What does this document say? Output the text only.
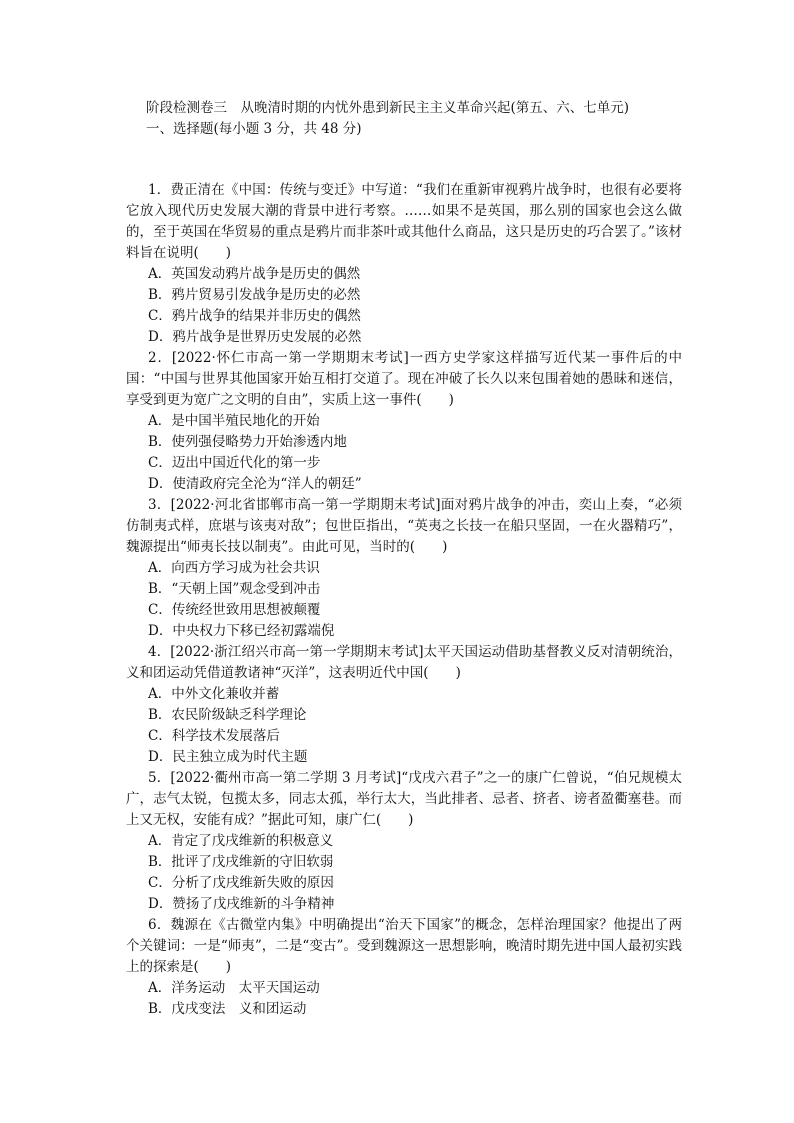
阶段检测卷三　从晚清时期的内忧外患到新民主主义革命兴起(第五、六、七单元)
一、选择题(每小题 3 分，共 48 分)

1．费正清在《中国：传统与变迁》中写道：“我们在重新审视鸦片战争时，也很有必要将它放入现代历史发展大潮的背景中进行考察。……如果不是英国，那么别的国家也会这么做的，至于英国在华贸易的重点是鸦片而非茶叶或其他什么商品，这只是历史的巧合罢了。”该材料旨在说明(　　)

A．英国发动鸦片战争是历史的偶然

B．鸦片贸易引发战争是历史的必然

C．鸦片战争的结果并非历史的偶然

D．鸦片战争是世界历史发展的必然

2．[2022·怀仁市高一第一学期期末考试]一西方史学家这样描写近代某一事件后的中国：“中国与世界其他国家开始互相打交道了。现在冲破了长久以来包围着她的愚昧和迷信，享受到更为宽广之文明的自由”，实质上这一事件(　　)

A．是中国半殖民地化的开始

B．使列强侵略势力开始渗透内地

C．迈出中国近代化的第一步

D．使清政府完全沦为“洋人的朝廷”

3．[2022·河北省邯郸市高一第一学期期末考试]面对鸦片战争的冲击，奕山上奏，“必须仿制夷式样，庶堪与该夷对敌”；包世臣指出，“英夷之长技一在船只坚固，一在火器精巧”，魏源提出“师夷长技以制夷”。由此可见，当时的(　　)

A．向西方学习成为社会共识

B．“天朝上国”观念受到冲击

C．传统经世致用思想被颠覆

D．中央权力下移已经初露端倪

4．[2022·浙江绍兴市高一第一学期期末考试]太平天国运动借助基督教义反对清朝统治，义和团运动凭借道教诸神“灭洋”，这表明近代中国(　　)

A．中外文化兼收并蓄

B．农民阶级缺乏科学理论

C．科学技术发展落后

D．民主独立成为时代主题

5．[2022·衢州市高一第二学期 3 月考试]“戊戌六君子”之一的康广仁曾说，“伯兄规模太广，志气太锐，包揽太多，同志太孤，举行太大，当此排者、忌者、挤者、谤者盈衢塞巷。而上又无权，安能有成？”据此可知，康广仁(　　)

A．肯定了戊戌维新的积极意义

B．批评了戊戌维新的守旧软弱

C．分析了戊戌维新失败的原因

D．赞扬了戊戌维新的斗争精神

6．魏源在《古微堂内集》中明确提出“治天下国家”的概念，怎样治理国家？他提出了两个关键词：一是“师夷”，二是“变古”。受到魏源这一思想影响，晚清时期先进中国人最初实践上的探索是(　　)

A．洋务运动　太平天国运动

B．戊戌变法　义和团运动
